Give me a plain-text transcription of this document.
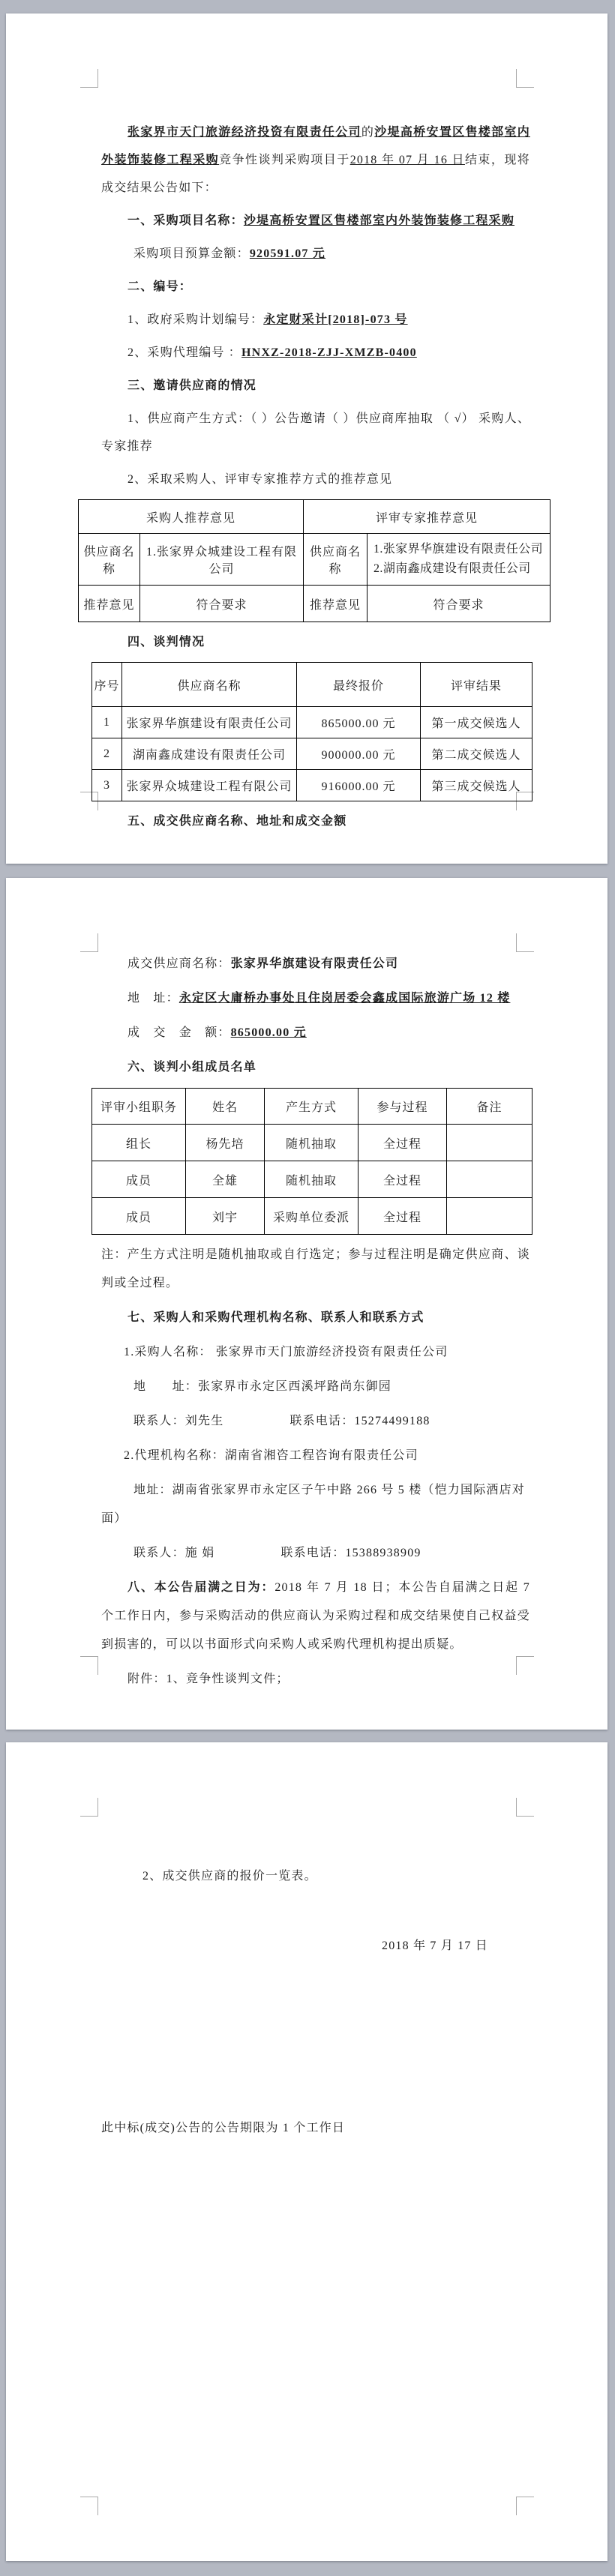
张家界市天门旅游经济投资有限责任公司的沙堤高桥安置区售楼部室内外装饰装修工程采购竞争性谈判采购项目于2018 年 07 月 16 日结束，现将成交结果公告如下：

一、采购项目名称：沙堤高桥安置区售楼部室内外装饰装修工程采购

采购项目预算金额：920591.07 元

二、编号：

1、政府采购计划编号：永定财采计[2018]-073 号

2、采购代理编号 ：HNXZ-2018-ZJJ-XMZB-0400

三、邀请供应商的情况

1、供应商产生方式：（ ）公告邀请（ ）供应商库抽取 （ √） 采购人、专家推荐

2、采取采购人、评审专家推荐方式的推荐意见

采购人推荐意见		评审专家推荐意见	
供应商名称	1.张家界众城建设工程有限公司	供应商名称	1.张家界华旗建设有限责任公司
2.湖南鑫成建设有限责任公司

推荐意见	符合要求	推荐意见	符合要求

四、谈判情况

序号	供应商名称	最终报价	评审结果
1	张家界华旗建设有限责任公司	865000.00 元	第一成交候选人
2	湖南鑫成建设有限责任公司	900000.00 元	第二成交候选人
3	张家界众城建设工程有限公司	916000.00 元	第三成交候选人

五、成交供应商名称、地址和成交金额

成交供应商名称：张家界华旗建设有限责任公司

地　址：永定区大庸桥办事处且住岗居委会鑫成国际旅游广场 12 楼

成　交　金　额：865000.00 元

六、谈判小组成员名单

评审小组职务	姓名	产生方式	参与过程	备注
组长	杨先培	随机抽取	全过程	
成员	全雄	随机抽取	全过程	
成员	刘宇	采购单位委派	全过程	

注：产生方式注明是随机抽取或自行选定；参与过程注明是确定供应商、谈判或全过程。

七、采购人和采购代理机构名称、联系人和联系方式

1.采购人名称： 张家界市天门旅游经济投资有限责任公司

地　　址：张家界市永定区西溪坪路尚东御园

联系人：刘先生	联系电话：15274499188

2.代理机构名称：湖南省湘咨工程咨询有限责任公司

地址：湖南省张家界市永定区子午中路 266 号 5 楼（恺力国际酒店对面）

联系人：施 娟	联系电话：15388938909

八、本公告届满之日为：2018 年 7 月 18 日；本公告自届满之日起 7 个工作日内，参与采购活动的供应商认为采购过程和成交结果使自己权益受到损害的，可以以书面形式向采购人或采购代理机构提出质疑。

附件：1、竞争性谈判文件；

2、成交供应商的报价一览表。

2018 年 7 月 17 日

此中标(成交)公告的公告期限为 1 个工作日
